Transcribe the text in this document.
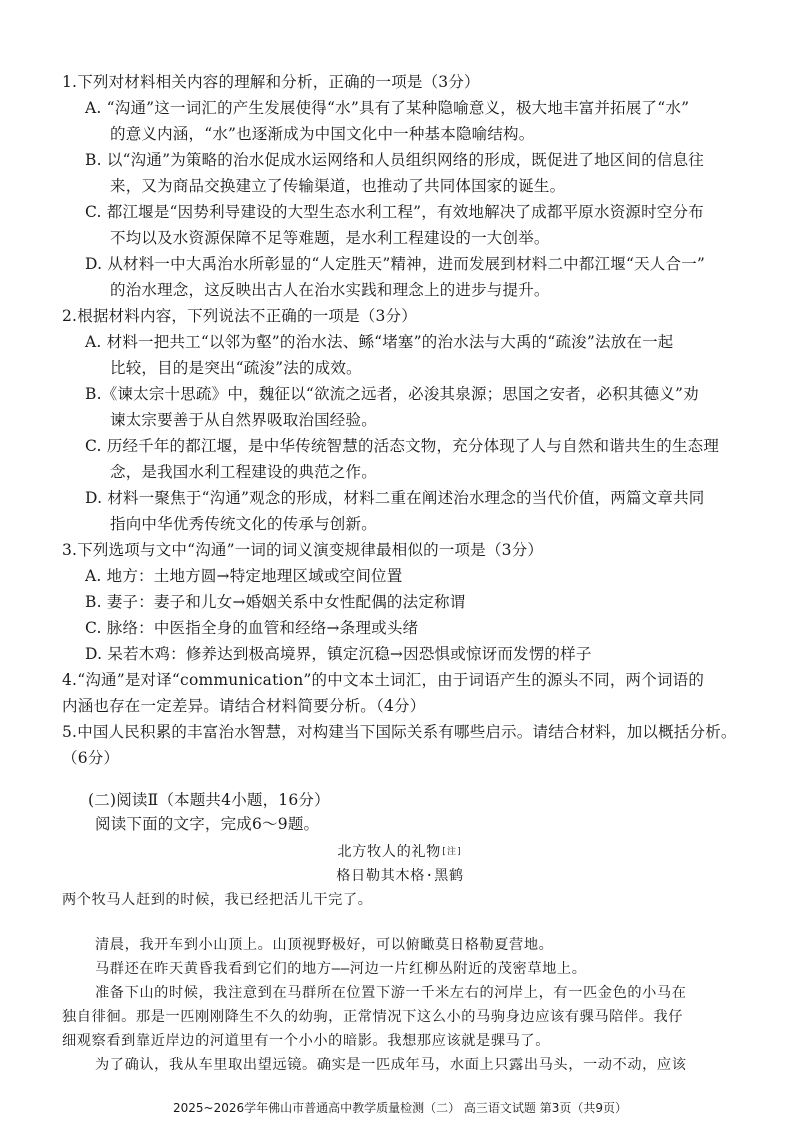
1.下列对材料相关内容的理解和分析，正确的一项是（3分）
A. “沟通”这一词汇的产生发展使得“水”具有了某种隐喻意义，极大地丰富并拓展了“水”
的意义内涵，“水”也逐渐成为中国文化中一种基本隐喻结构。
B. 以“沟通”为策略的治水促成水运网络和人员组织网络的形成，既促进了地区间的信息往
来，又为商品交换建立了传输渠道，也推动了共同体国家的诞生。
C. 都江堰是“因势利导建设的大型生态水利工程”，有效地解决了成都平原水资源时空分布
不均以及水资源保障不足等难题，是水利工程建设的一大创举。
D. 从材料一中大禹治水所彰显的“人定胜天”精神，进而发展到材料二中都江堰“天人合一”
的治水理念，这反映出古人在治水实践和理念上的进步与提升。
2.根据材料内容，下列说法不正确的一项是（3分）
A. 材料一把共工“以邻为壑”的治水法、鲧“堵塞”的治水法与大禹的“疏浚”法放在一起
比较，目的是突出“疏浚”法的成效。
B.《谏太宗十思疏》中，魏征以“欲流之远者，必浚其泉源；思国之安者，必积其德义”劝
谏太宗要善于从自然界吸取治国经验。
C. 历经千年的都江堰，是中华传统智慧的活态文物，充分体现了人与自然和谐共生的生态理
念，是我国水利工程建设的典范之作。
D. 材料一聚焦于“沟通”观念的形成，材料二重在阐述治水理念的当代价值，两篇文章共同
指向中华优秀传统文化的传承与创新。
3.下列选项与文中“沟通”一词的词义演变规律最相似的一项是（3分）
A. 地方：土地方圆→特定地理区域或空间位置
B. 妻子：妻子和儿女→婚姻关系中女性配偶的法定称谓
C. 脉络：中医指全身的血管和经络→条理或头绪
D. 呆若木鸡：修养达到极高境界，镇定沉稳→因恐惧或惊讶而发愣的样子
4.“沟通”是对译“communication”的中文本土词汇，由于词语产生的源头不同，两个词语的
内涵也存在一定差异。请结合材料简要分析。（4分）
5.中国人民积累的丰富治水智慧，对构建当下国际关系有哪些启示。请结合材料，加以概括分析。
（6分）
(二)阅读Ⅱ（本题共4小题，16分）
阅读下面的文字，完成6～9题。
北方牧人的礼物[注]
格日勒其木格·黑鹤
两个牧马人赶到的时候，我已经把活儿干完了。
清晨，我开车到小山顶上。山顶视野极好，可以俯瞰莫日格勒夏营地。
马群还在昨天黄昏我看到它们的地方——河边一片红柳丛附近的茂密草地上。
准备下山的时候，我注意到在马群所在位置下游一千米左右的河岸上，有一匹金色的小马在
独自徘徊。那是一匹刚刚降生不久的幼驹，正常情况下这么小的马驹身边应该有骒马陪伴。我仔
细观察看到靠近岸边的河道里有一个小小的暗影。我想那应该就是骒马了。
为了确认，我从车里取出望远镜。确实是一匹成年马，水面上只露出马头，一动不动，应该
2025~2026学年佛山市普通高中教学质量检测（二） 高三语文试题 第3页（共9页）
